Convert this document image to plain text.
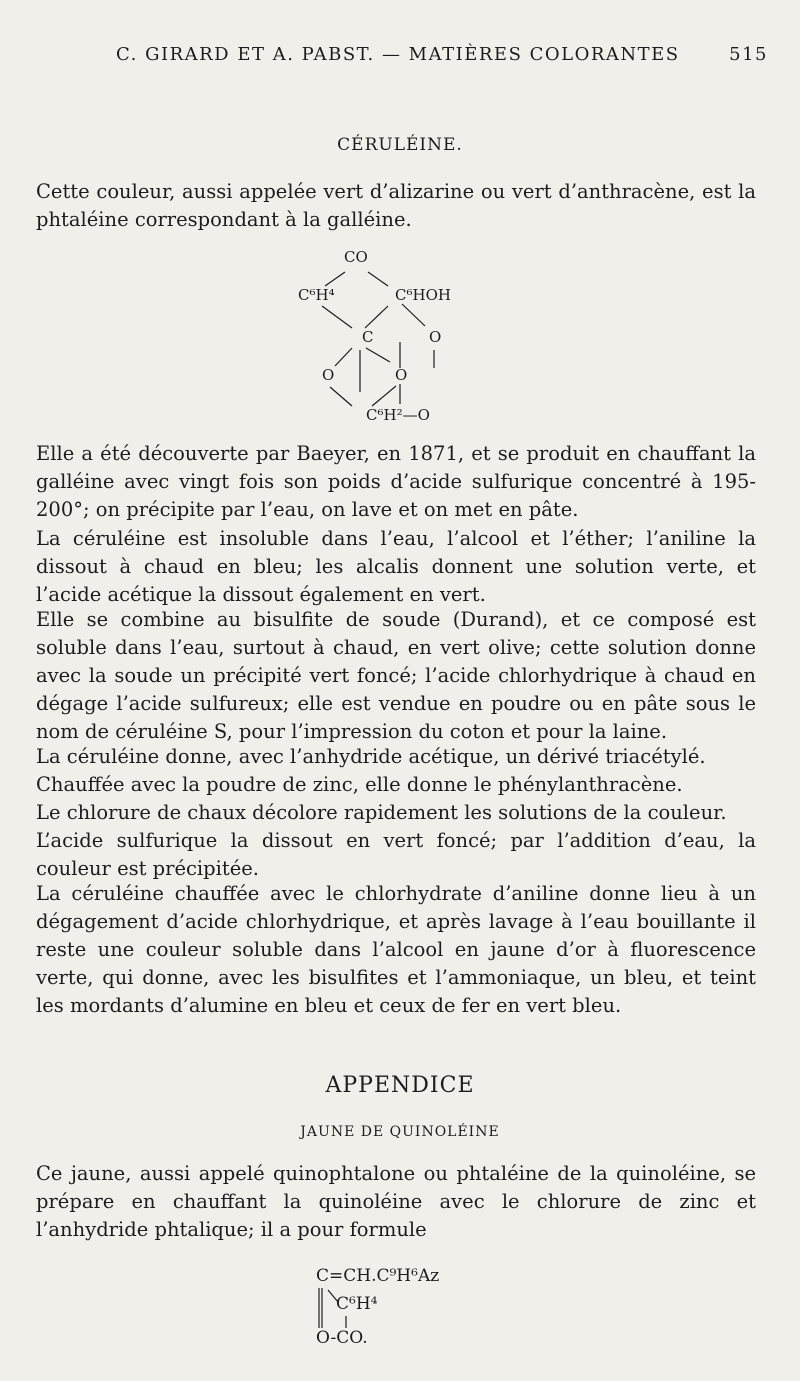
C. GIRARD ET A. PABST. — MATIÈRES COLORANTES	515
CÉRULÉINE.

Cette couleur, aussi appelée vert d’alizarine ou vert d’anthracène, est la phtaléine correspondant à la galléine.

CO
C⁶H⁴	C⁶HOH
C	O
O	O
C⁶H²—O

Elle a été découverte par Baeyer, en 1871, et se produit en chauffant la galléine avec vingt fois son poids d’acide sulfurique concentré à 195-200°; on précipite par l’eau, on lave et on met en pâte.

La céruléine est insoluble dans l’eau, l’alcool et l’éther; l’aniline la dissout à chaud en bleu; les alcalis donnent une solution verte, et l’acide acétique la dissout également en vert.

Elle se combine au bisulfite de soude (Durand), et ce composé est soluble dans l’eau, surtout à chaud, en vert olive; cette solution donne avec la soude un précipité vert foncé; l’acide chlorhydrique à chaud en dégage l’acide sulfureux; elle est vendue en poudre ou en pâte sous le nom de céruléine S, pour l’impression du coton et pour la laine.

La céruléine donne, avec l’anhydride acétique, un dérivé triacétylé.

Chauffée avec la poudre de zinc, elle donne le phénylanthracène.

Le chlorure de chaux décolore rapidement les solutions de la couleur.

L’acide sulfurique la dissout en vert foncé; par l’addition d’eau, la couleur est précipitée.

La céruléine chauffée avec le chlorhydrate d’aniline donne lieu à un dégagement d’acide chlorhydrique, et après lavage à l’eau bouillante il reste une couleur soluble dans l’alcool en jaune d’or à fluorescence verte, qui donne, avec les bisulfites et l’ammoniaque, un bleu, et teint les mordants d’alumine en bleu et ceux de fer en vert bleu.

APPENDICE
JAUNE DE QUINOLÉINE

Ce jaune, aussi appelé quinophtalone ou phtaléine de la quinoléine, se prépare en chauffant la quinoléine avec le chlorure de zinc et l’anhydride phtalique; il a pour formule

C=CH.C⁹H⁶Az
C⁶H⁴
O-CO.
